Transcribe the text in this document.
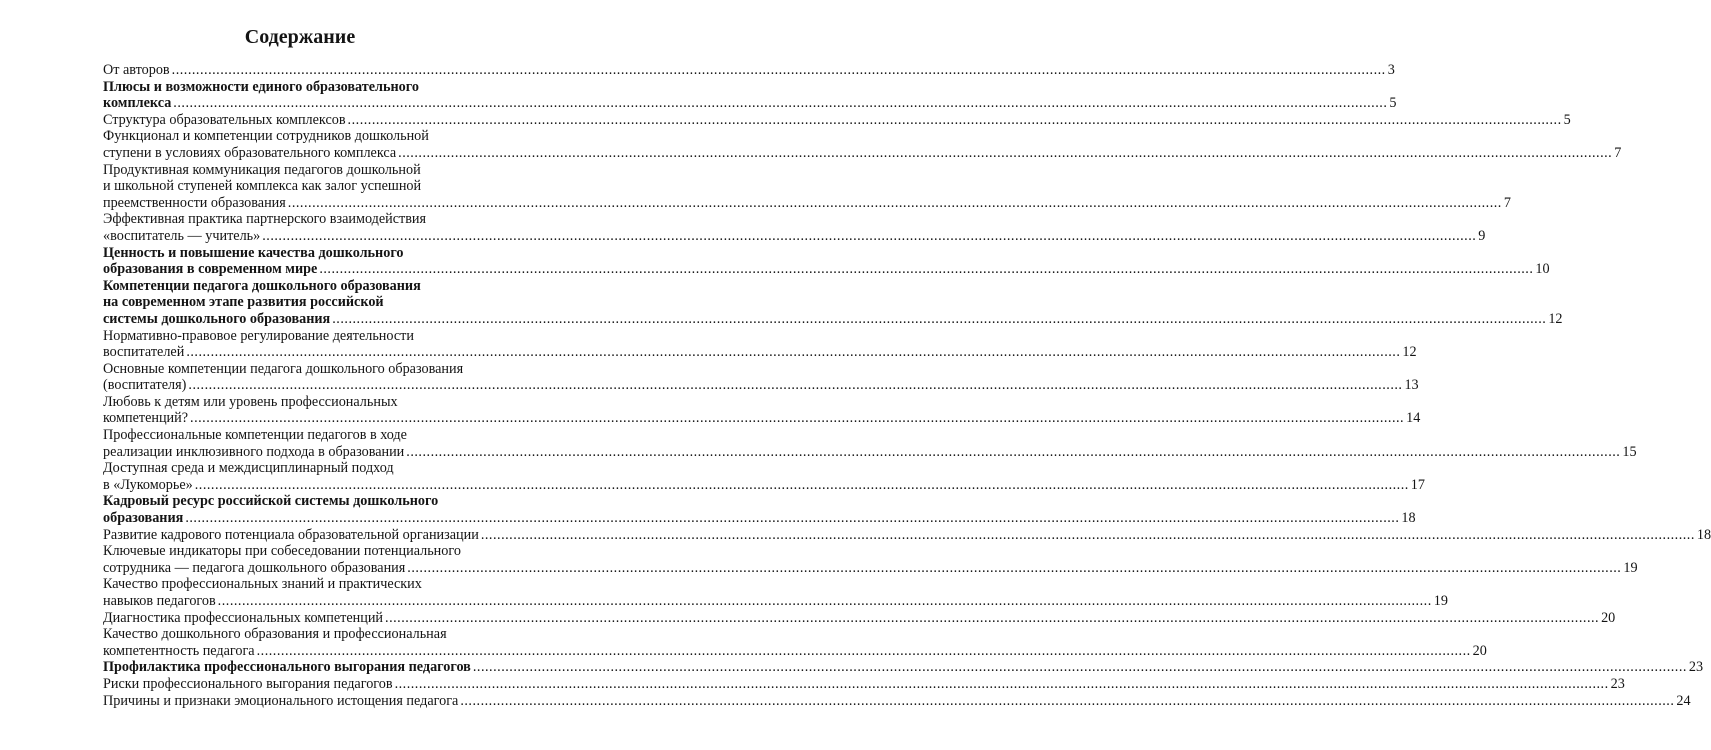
Содержание
От авторов ............................................................................................................................................................................................................................................................................................................ 3
Плюсы и возможности единого образовательного
комплекса ............................................................................................................................................................................................................................................................................................................ 5
Структура образовательных комплексов ............................................................................................................................................................................................................................................................................................................ 5
Функционал и компетенции сотрудников дошкольной
ступени в условиях образовательного комплекса ............................................................................................................................................................................................................................................................................................................ 7
Продуктивная коммуникация педагогов дошкольной
и школьной ступеней комплекса как залог успешной
преемственности образования ............................................................................................................................................................................................................................................................................................................ 7
Эффективная практика партнерского взаимодействия
«воспитатель — учитель» ............................................................................................................................................................................................................................................................................................................ 9
Ценность и повышение качества дошкольного
образования в современном мире ............................................................................................................................................................................................................................................................................................................ 10
Компетенции педагога дошкольного образования
на современном этапе развития российской
системы дошкольного образования ............................................................................................................................................................................................................................................................................................................ 12
Нормативно-правовое регулирование деятельности
воспитателей ............................................................................................................................................................................................................................................................................................................ 12
Основные компетенции педагога дошкольного образования
(воспитателя) ............................................................................................................................................................................................................................................................................................................ 13
Любовь к детям или уровень профессиональных
компетенций? ............................................................................................................................................................................................................................................................................................................ 14
Профессиональные компетенции педагогов в ходе
реализации инклюзивного подхода в образовании ............................................................................................................................................................................................................................................................................................................ 15
Доступная среда и междисциплинарный подход
в «Лукоморье» ............................................................................................................................................................................................................................................................................................................ 17
Кадровый ресурс российской системы дошкольного
образования ............................................................................................................................................................................................................................................................................................................ 18
Развитие кадрового потенциала образовательной организации ............................................................................................................................................................................................................................................................................................................ 18
Ключевые индикаторы при собеседовании потенциального
сотрудника — педагога дошкольного образования ............................................................................................................................................................................................................................................................................................................ 19
Качество профессиональных знаний и практических
навыков педагогов ............................................................................................................................................................................................................................................................................................................ 19
Диагностика профессиональных компетенций ............................................................................................................................................................................................................................................................................................................ 20
Качество дошкольного образования и профессиональная
компетентность педагога ............................................................................................................................................................................................................................................................................................................ 20
Профилактика профессионального выгорания педагогов ............................................................................................................................................................................................................................................................................................................ 23
Риски профессионального выгорания педагогов ............................................................................................................................................................................................................................................................................................................ 23
Причины и признаки эмоционального истощения педагога ............................................................................................................................................................................................................................................................................................................ 24
